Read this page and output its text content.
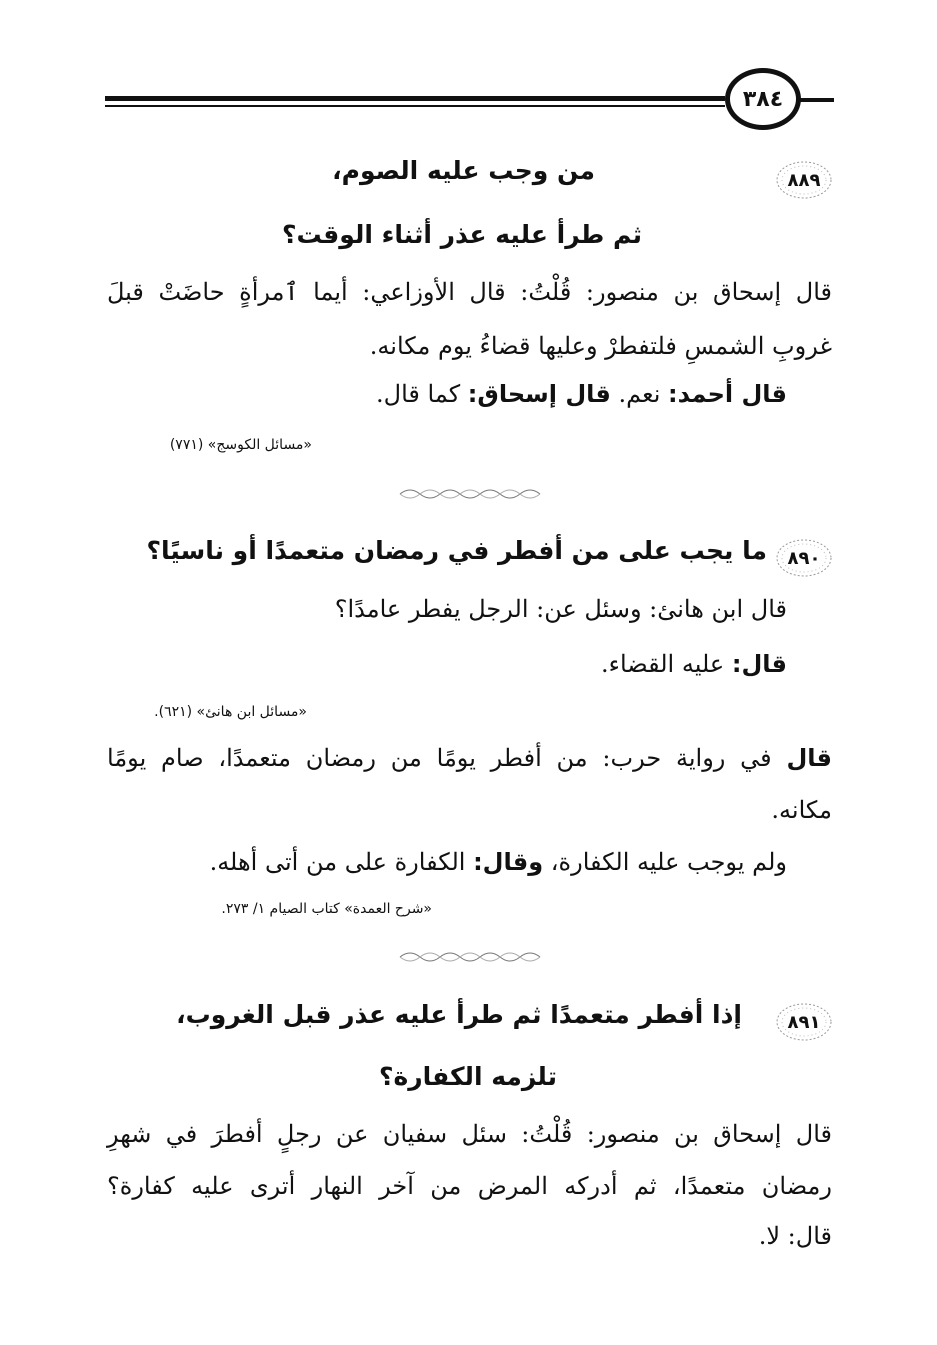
٣٨٤
٨٨٩
من وجب عليه الصوم،
ثم طرأ عليه عذر أثناء الوقت؟
قال إسحاق بن منصور: قُلْتُ: قال الأوزاعي: أيما ٱمرأةٍ حاضَتْ قبلَ
غروبِ الشمسِ فلتفطرْ وعليها قضاءُ يوم مكانه.
قال أحمد: نعم. قال إسحاق: كما قال.
«مسائل الكوسج» (٧٧١)
٨٩٠
ما يجب على من أفطر في رمضان متعمدًا أو ناسيًا؟
قال ابن هانئ: وسئل عن: الرجل يفطر عامدًا؟
قال: عليه القضاء.
«مسائل ابن هانئ» (٦٢١).
قال في رواية حرب: من أفطر يومًا من رمضان متعمدًا، صام يومًا
مكانه.
ولم يوجب عليه الكفارة، وقال: الكفارة على من أتى أهله.
«شرح العمدة» كتاب الصيام ١/ ٢٧٣.
٨٩١
إذا أفطر متعمدًا ثم طرأ عليه عذر قبل الغروب،
تلزمه الكفارة؟
قال إسحاق بن منصور: قُلْتُ: سئل سفيان عن رجلٍ أفطرَ في شهرِ
رمضان متعمدًا، ثم أدركه المرض من آخر النهار أترى عليه كفارة؟
قال: لا.
